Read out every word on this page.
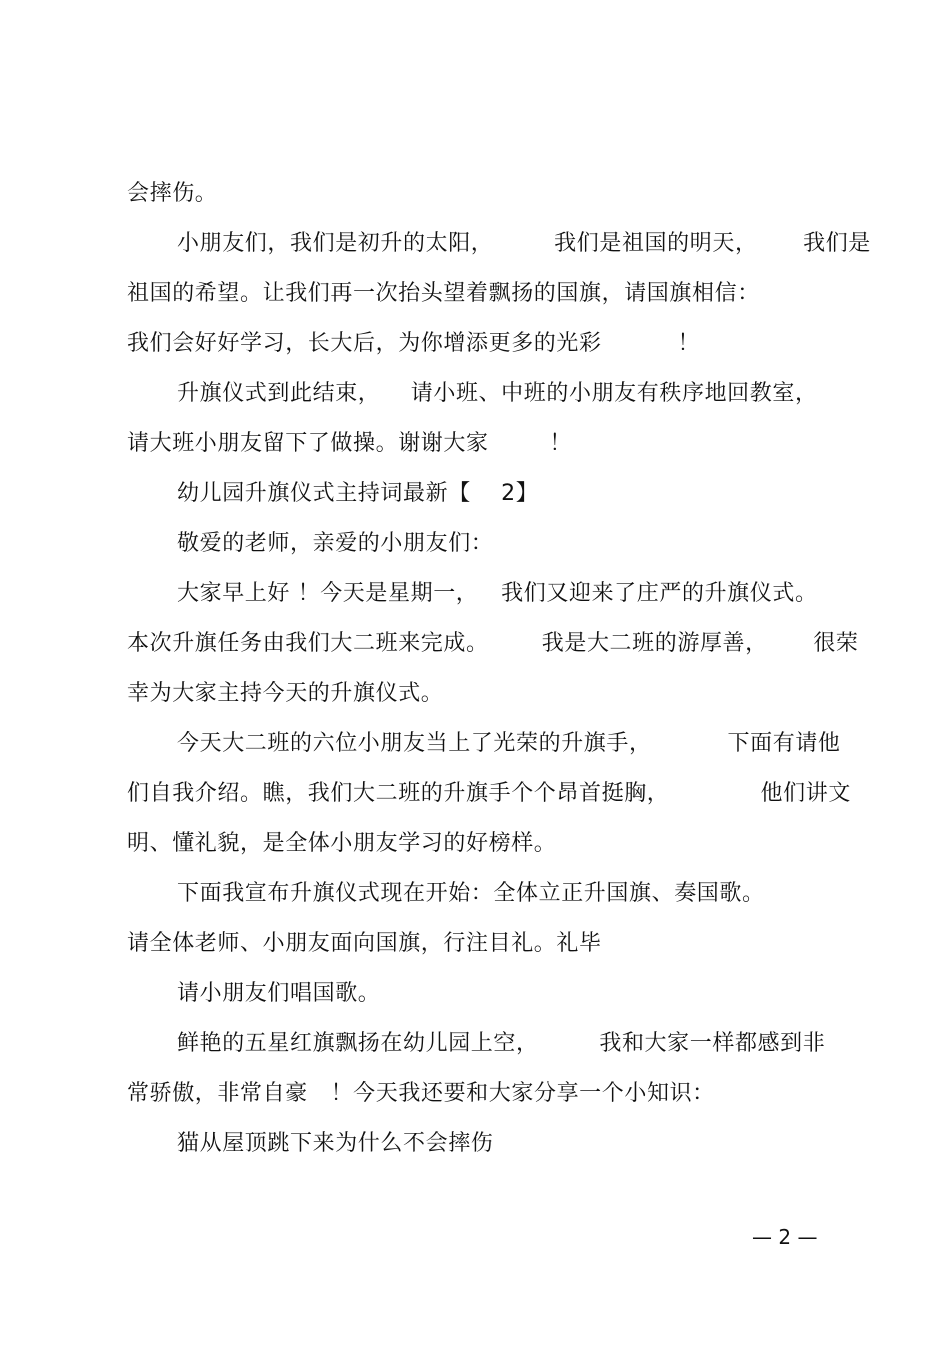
会摔伤。
小朋友们，我们是初升的太阳，        我们是祖国的明天，      我们是
祖国的希望。让我们再一次抬头望着飘扬的国旗，请国旗相信：
我们会好好学习，长大后，为你增添更多的光彩          ！
升旗仪式到此结束，    请小班、中班的小朋友有秩序地回教室，
请大班小朋友留下了做操。谢谢大家        ！
幼儿园升旗仪式主持词最新【    2】
敬爱的老师，亲爱的小朋友们：
大家早上好 ！今天是星期一，   我们又迎来了庄严的升旗仪式。
本次升旗任务由我们大二班来完成。       我是大二班的游厚善，      很荣
幸为大家主持今天的升旗仪式。
今天大二班的六位小朋友当上了光荣的升旗手，          下面有请他
们自我介绍。瞧，我们大二班的升旗手个个昂首挺胸，            他们讲文
明、懂礼貌，是全体小朋友学习的好榜样。
下面我宣布升旗仪式现在开始：全体立正升国旗、奏国歌。
请全体老师、小朋友面向国旗，行注目礼。礼毕
请小朋友们唱国歌。
鲜艳的五星红旗飘扬在幼儿园上空，        我和大家一样都感到非
常骄傲，非常自豪   ！今天我还要和大家分享一个小知识：
猫从屋顶跳下来为什么不会摔伤
— 2 —
